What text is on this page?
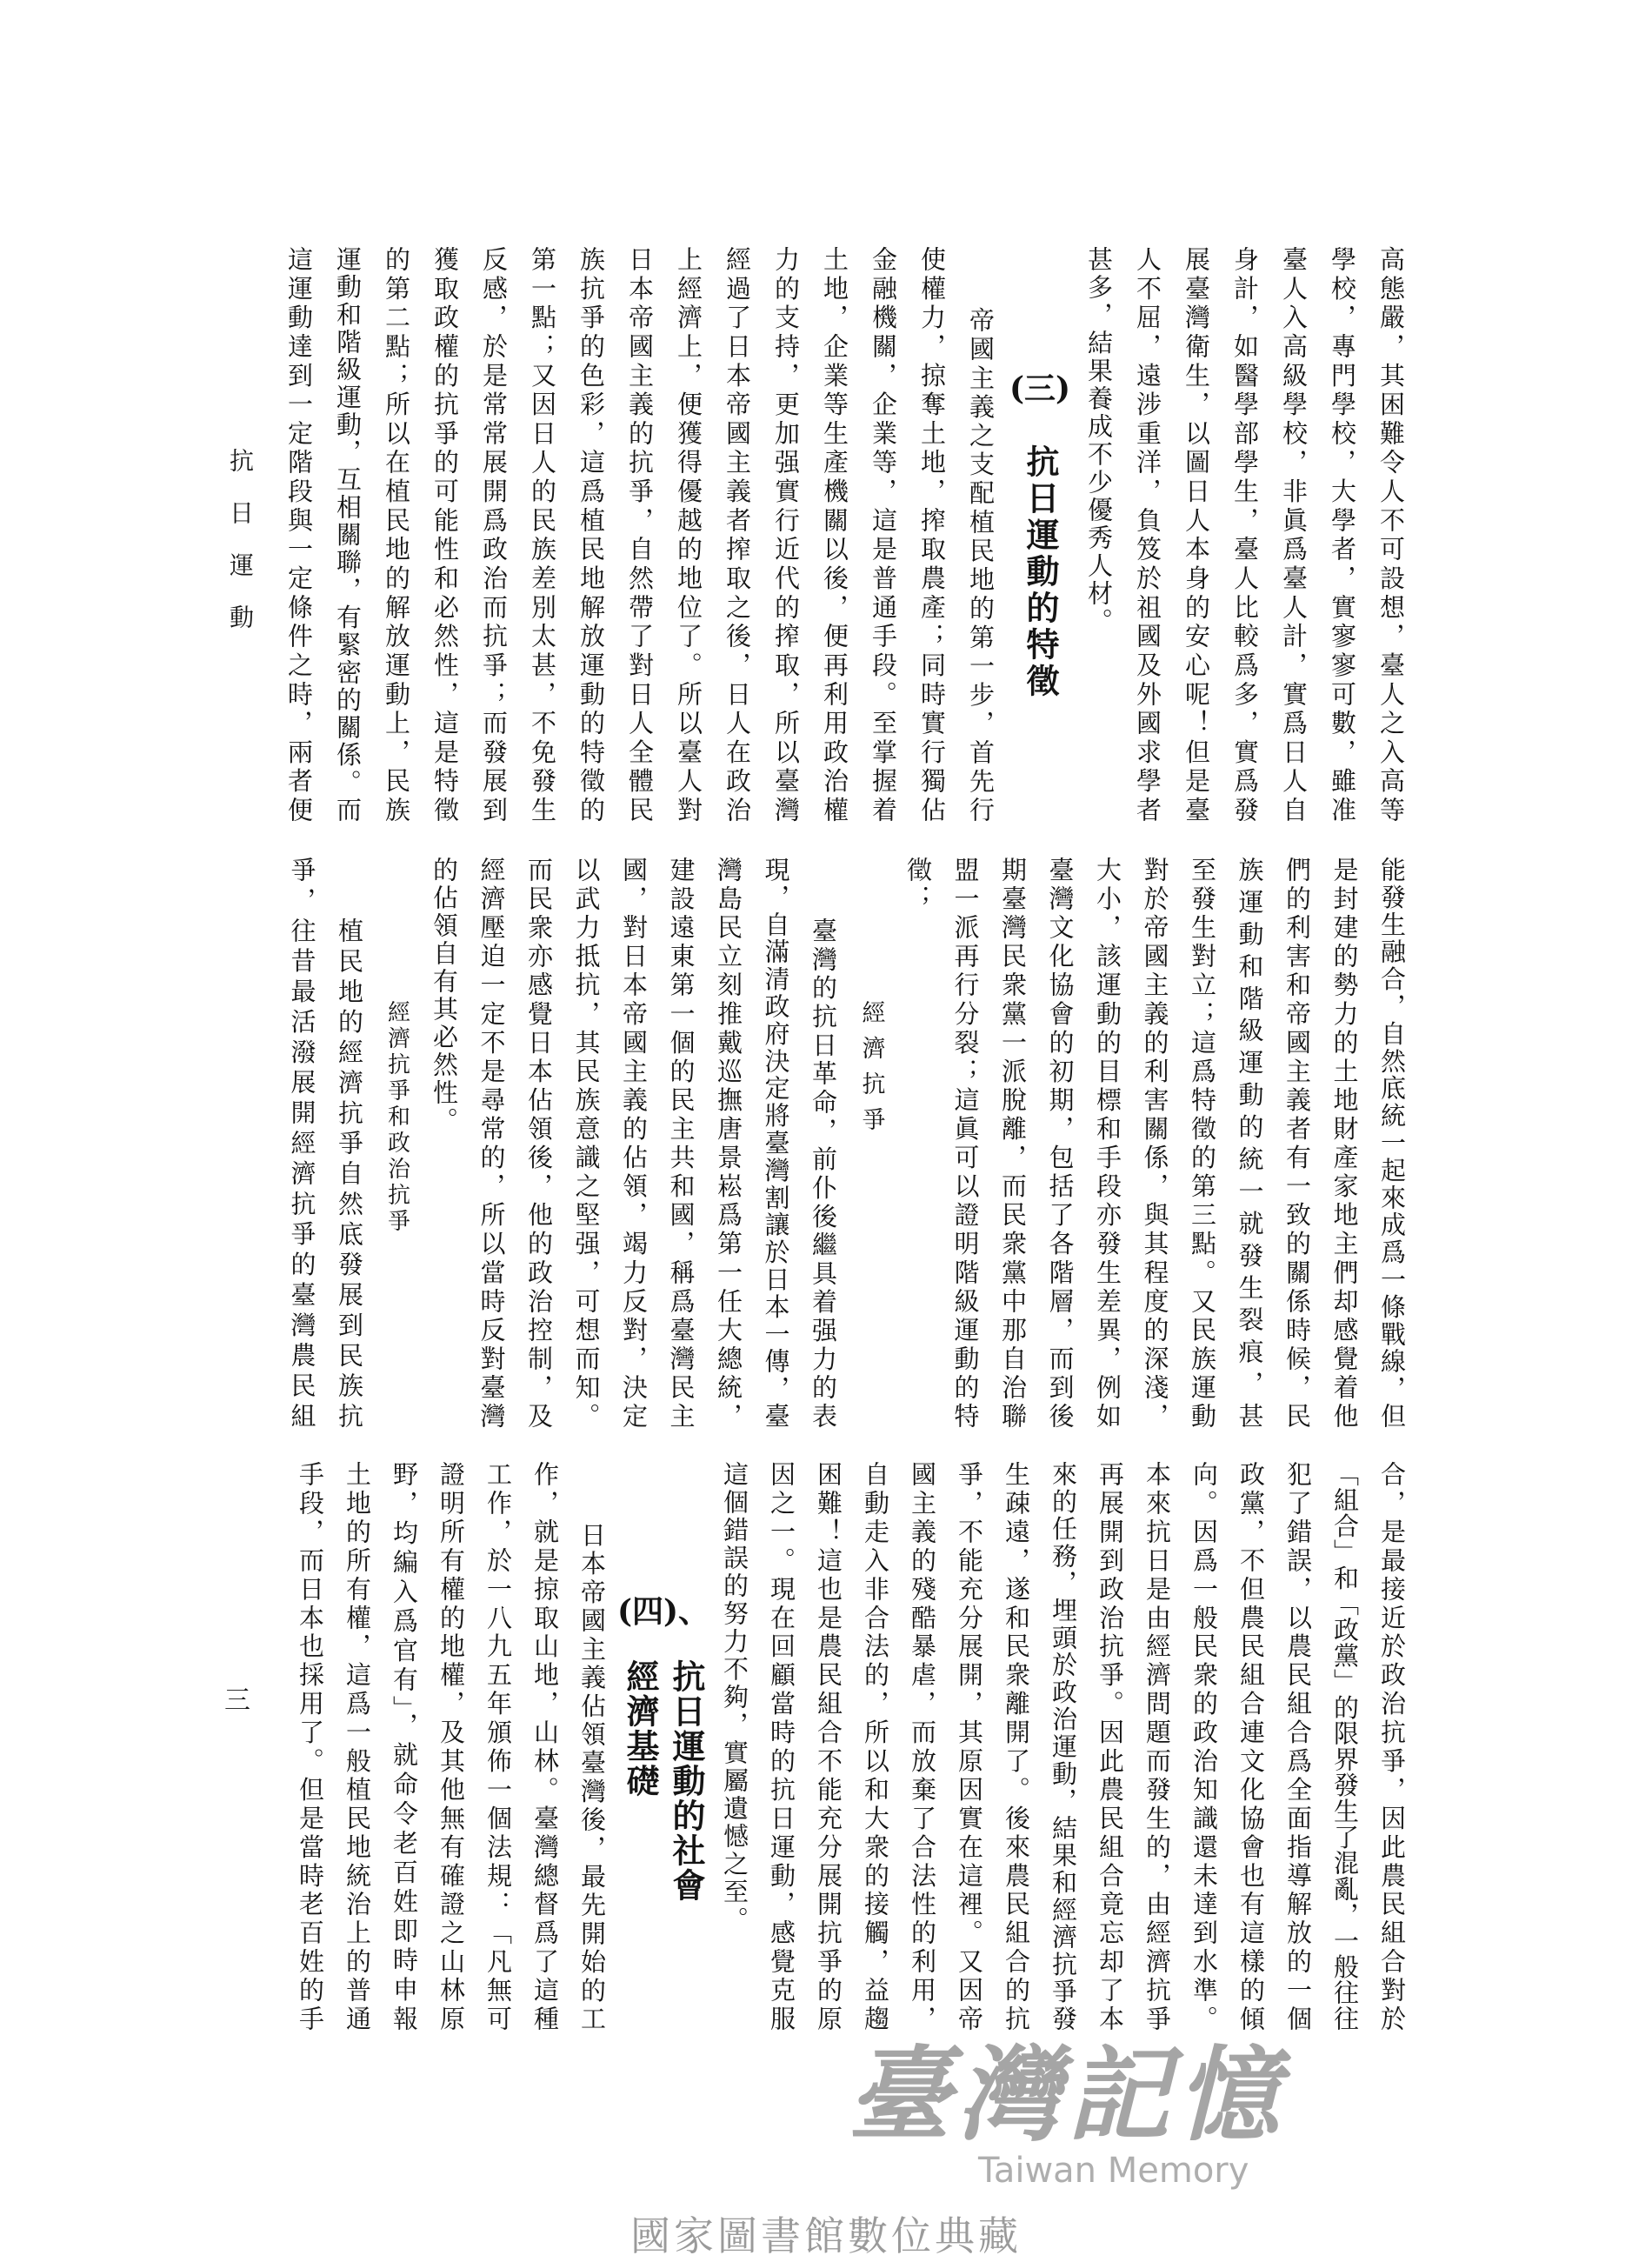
抗日運動
三
高態嚴，其困難令人不可設想，臺人之入高等
學校，專門學校，大學者，實寥寥可數，雖准
臺人入高級學校，非眞爲臺人計，實爲日人自
身計，如醫學部學生，臺人比較爲多，實爲發
展臺灣衛生，以圖日人本身的安心呢！但是臺
人不屈，遠涉重洋，負笈於祖國及外國求學者
甚多，結果養成不少優秀人材。
(三)
抗日運動的特徵
帝國主義之支配植民地的第一步，首先行
使權力，掠奪土地，搾取農產；同時實行獨佔
金融機關，企業等，這是普通手段。至掌握着
土地，企業等生產機關以後，便再利用政治權
力的支持，更加强實行近代的搾取，所以臺灣
經過了日本帝國主義者搾取之後，日人在政治
上經濟上，便獲得優越的地位了。所以臺人對
日本帝國主義的抗爭，自然帶了對日人全體民
族抗爭的色彩，這爲植民地解放運動的特徵的
第一點；又因日人的民族差別太甚，不免發生
反感，於是常常展開爲政治而抗爭；而發展到
獲取政權的抗爭的可能性和必然性，這是特徵
的第二點；所以在植民地的解放運動上，民族
運動和階級運動，互相關聯，有緊密的關係。而
這運動達到一定階段與一定條件之時，兩者便
能發生融合，自然底統一起來成爲一條戰線，但
是封建的勢力的土地財產家地主們却感覺着他
們的利害和帝國主義者有一致的關係時候，民
族運動和階級運動的統一就發生裂痕，甚
至發生對立；這爲特徵的第三點。又民族運動
對於帝國主義的利害關係，與其程度的深淺，
大小，該運動的目標和手段亦發生差異，例如
臺灣文化協會的初期，包括了各階層，而到後
期臺灣民衆黨一派脫離，而民衆黨中那自治聯
盟一派再行分裂；這眞可以證明階級運動的特
徵；
經濟抗爭
臺灣的抗日革命，前仆後繼具着强力的表
現，自滿清政府決定將臺灣割讓於日本一傳，臺
灣島民立刻推戴巡撫唐景崧爲第一任大總統，
建設遠東第一個的民主共和國，稱爲臺灣民主
國，對日本帝國主義的佔領，竭力反對，決定
以武力抵抗，其民族意識之堅强，可想而知。
而民衆亦感覺日本佔領後，他的政治控制，及
經濟壓迫一定不是尋常的，所以當時反對臺灣
的佔領自有其必然性。
經濟抗爭和政治抗爭
植民地的經濟抗爭自然底發展到民族抗
爭，往昔最活潑展開經濟抗爭的臺灣農民組
合，是最接近於政治抗爭，因此農民組合對於
「組合」和「政黨」的限界發生了混亂，一般往往
犯了錯誤，以農民組合爲全面指導解放的一個
政黨，不但農民組合連文化協會也有這樣的傾
向。因爲一般民衆的政治知識還未達到水準。
本來抗日是由經濟問題而發生的，由經濟抗爭
再展開到政治抗爭。因此農民組合竟忘却了本
來的任務，埋頭於政治運動，結果和經濟抗爭發
生疎遠，遂和民衆離開了。後來農民組合的抗
爭，不能充分展開，其原因實在這裡。又因帝
國主義的殘酷暴虐，而放棄了合法性的利用，
自動走入非合法的，所以和大衆的接觸，益趨
困難！這也是農民組合不能充分展開抗爭的原
因之一。現在回顧當時的抗日運動，感覺克服
這個錯誤的努力不夠，實屬遺憾之至。
(四)、
抗日運動的社會
經濟基礎
日本帝國主義佔領臺灣後，最先開始的工
作，就是掠取山地，山林。臺灣總督爲了這種
工作，於一八九五年頒佈一個法規：「凡無可
證明所有權的地權，及其他無有確證之山林原
野，均編入爲官有」，就命令老百姓即時申報
土地的所有權，這爲一般植民地統治上的普通
手段，而日本也採用了。但是當時老百姓的手
臺灣記憶
Taiwan Memory
國家圖書館數位典藏
